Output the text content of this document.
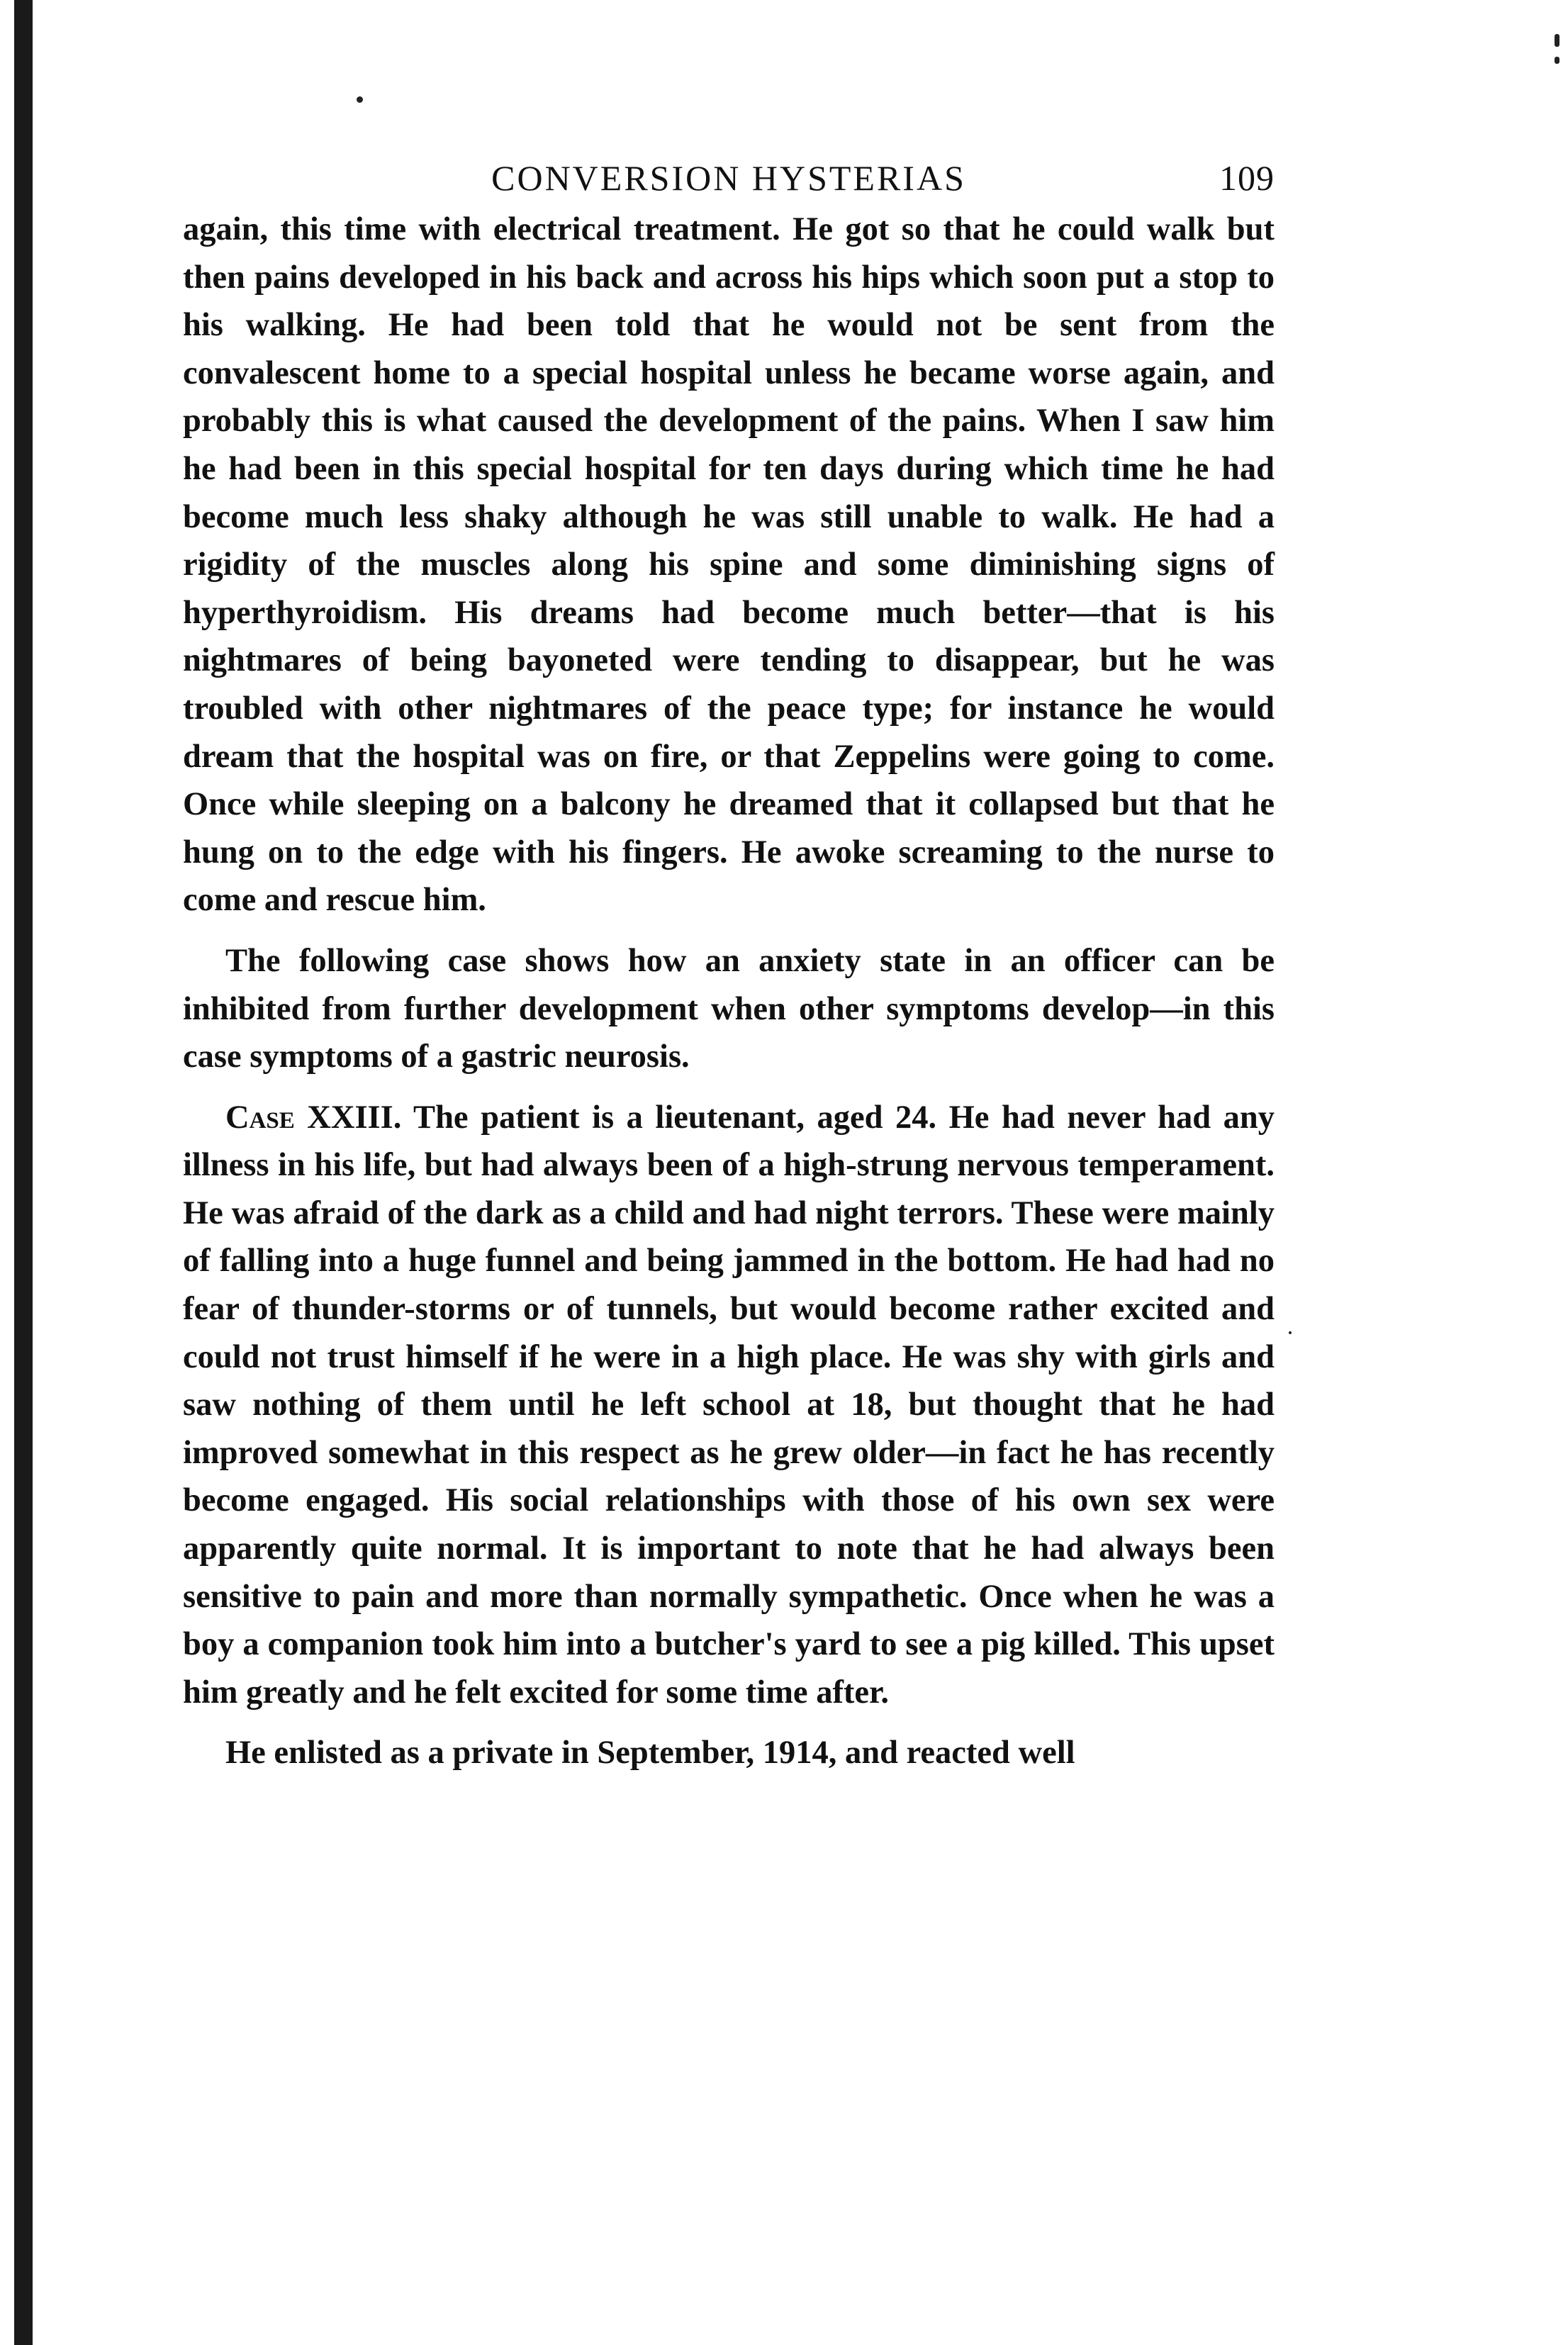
CONVERSION HYSTERIAS	109

again, this time with electrical treatment. He got so that he could walk but then pains developed in his back and across his hips which soon put a stop to his walking. He had been told that he would not be sent from the convalescent home to a special hospital unless he became worse again, and probably this is what caused the development of the pains. When I saw him he had been in this special hospital for ten days during which time he had become much less shaky although he was still unable to walk. He had a rigidity of the muscles along his spine and some diminishing signs of hyperthyroidism. His dreams had become much better—that is his nightmares of being bayoneted were tending to disappear, but he was troubled with other nightmares of the peace type; for instance he would dream that the hospital was on fire, or that Zeppelins were going to come. Once while sleeping on a balcony he dreamed that it collapsed but that he hung on to the edge with his fingers. He awoke screaming to the nurse to come and rescue him.

The following case shows how an anxiety state in an officer can be inhibited from further development when other symptoms develop—in this case symptoms of a gastric neurosis.

Case XXIII. The patient is a lieutenant, aged 24. He had never had any illness in his life, but had always been of a high-strung nervous temperament. He was afraid of the dark as a child and had night terrors. These were mainly of falling into a huge funnel and being jammed in the bottom. He had had no fear of thunder-storms or of tunnels, but would become rather excited and could not trust himself if he were in a high place. He was shy with girls and saw nothing of them until he left school at 18, but thought that he had improved somewhat in this respect as he grew older—in fact he has recently become engaged. His social relationships with those of his own sex were apparently quite normal. It is important to note that he had always been sensitive to pain and more than normally sympathetic. Once when he was a boy a companion took him into a butcher's yard to see a pig killed. This upset him greatly and he felt excited for some time after.

He enlisted as a private in September, 1914, and reacted well
